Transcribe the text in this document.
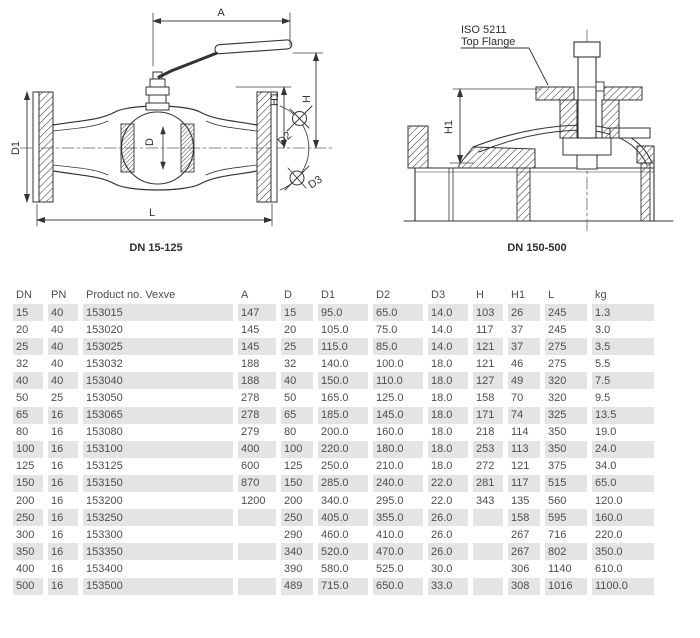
A
H1 H
D
D1
D2
D3
L
DN 15-125
H1
ISO 5211
Top Flange
DN 150-500
DN	PN	Product no. Vexve	A	D	D1	D2	D3	H	H1	L	kg
15	40	153015	147	15	95.0	65.0	14.0	103	26	245	1.3
20	40	153020	145	20	105.0	75.0	14.0	117	37	245	3.0
25	40	153025	145	25	115.0	85.0	14.0	121	37	275	3.5
32	40	153032	188	32	140.0	100.0	18.0	121	46	275	5.5
40	40	153040	188	40	150.0	110.0	18.0	127	49	320	7.5
50	25	153050	278	50	165.0	125.0	18.0	158	70	320	9.5
65	16	153065	278	65	185.0	145.0	18.0	171	74	325	13.5
80	16	153080	279	80	200.0	160.0	18.0	218	114	350	19.0
100	16	153100	400	100	220.0	180.0	18.0	253	113	350	24.0
125	16	153125	600	125	250.0	210.0	18.0	272	121	375	34.0
150	16	153150	870	150	285.0	240.0	22.0	281	117	515	65.0
200	16	153200	1200	200	340.0	295.0	22.0	343	135	560	120.0
250	16	153250		250	405.0	355.0	26.0		158	595	160.0
300	16	153300		290	460.0	410.0	26.0		267	716	220.0
350	16	153350		340	520.0	470.0	26.0		267	802	350.0
400	16	153400		390	580.0	525.0	30.0		306	1140	610.0
500	16	153500		489	715.0	650.0	33.0		308	1016	1100.0
